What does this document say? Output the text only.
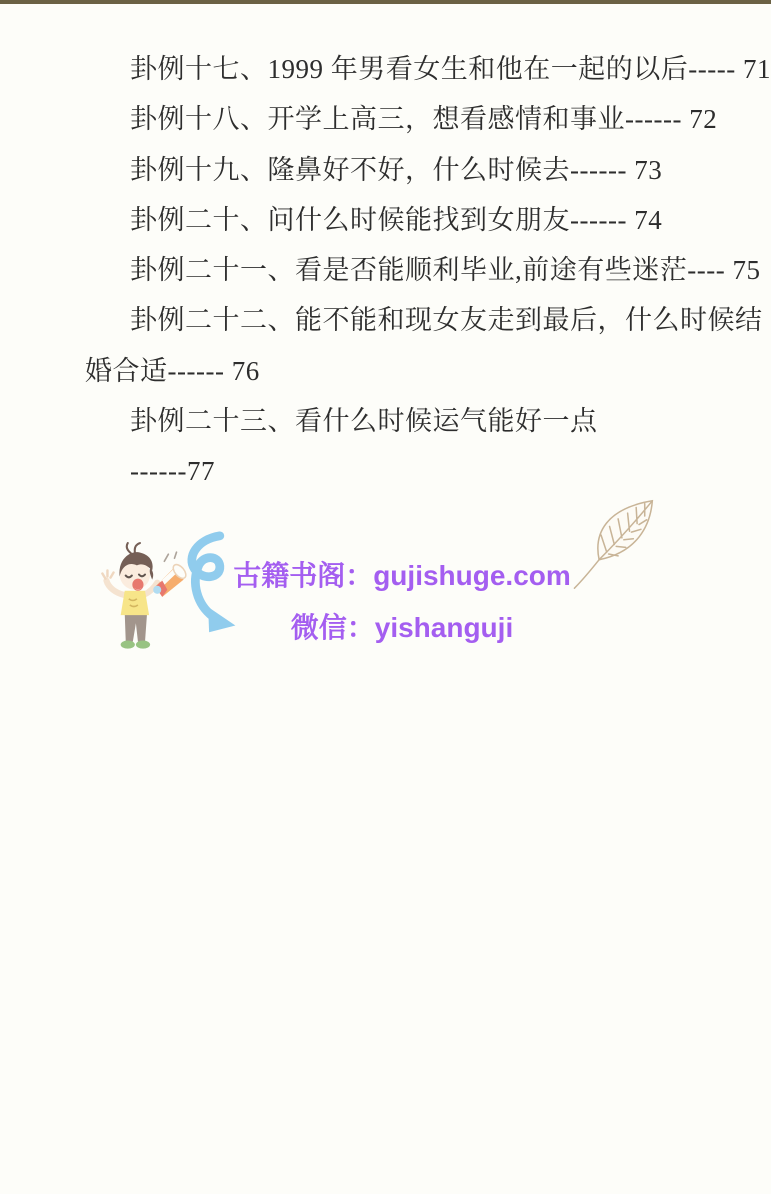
卦例十七、1999 年男看女生和他在一起的以后----- 71
卦例十八、开学上高三，想看感情和事业------ 72
卦例十九、隆鼻好不好，什么时候去------ 73
卦例二十、问什么时候能找到女朋友------ 74
卦例二十一、看是否能顺利毕业,前途有些迷茫---- 75
卦例二十二、能不能和现女友走到最后，什么时候结
婚合适------ 76
卦例二十三、看什么时候运气能好一点
------77
古籍书阁：gujishuge.com
微信：yishanguji
